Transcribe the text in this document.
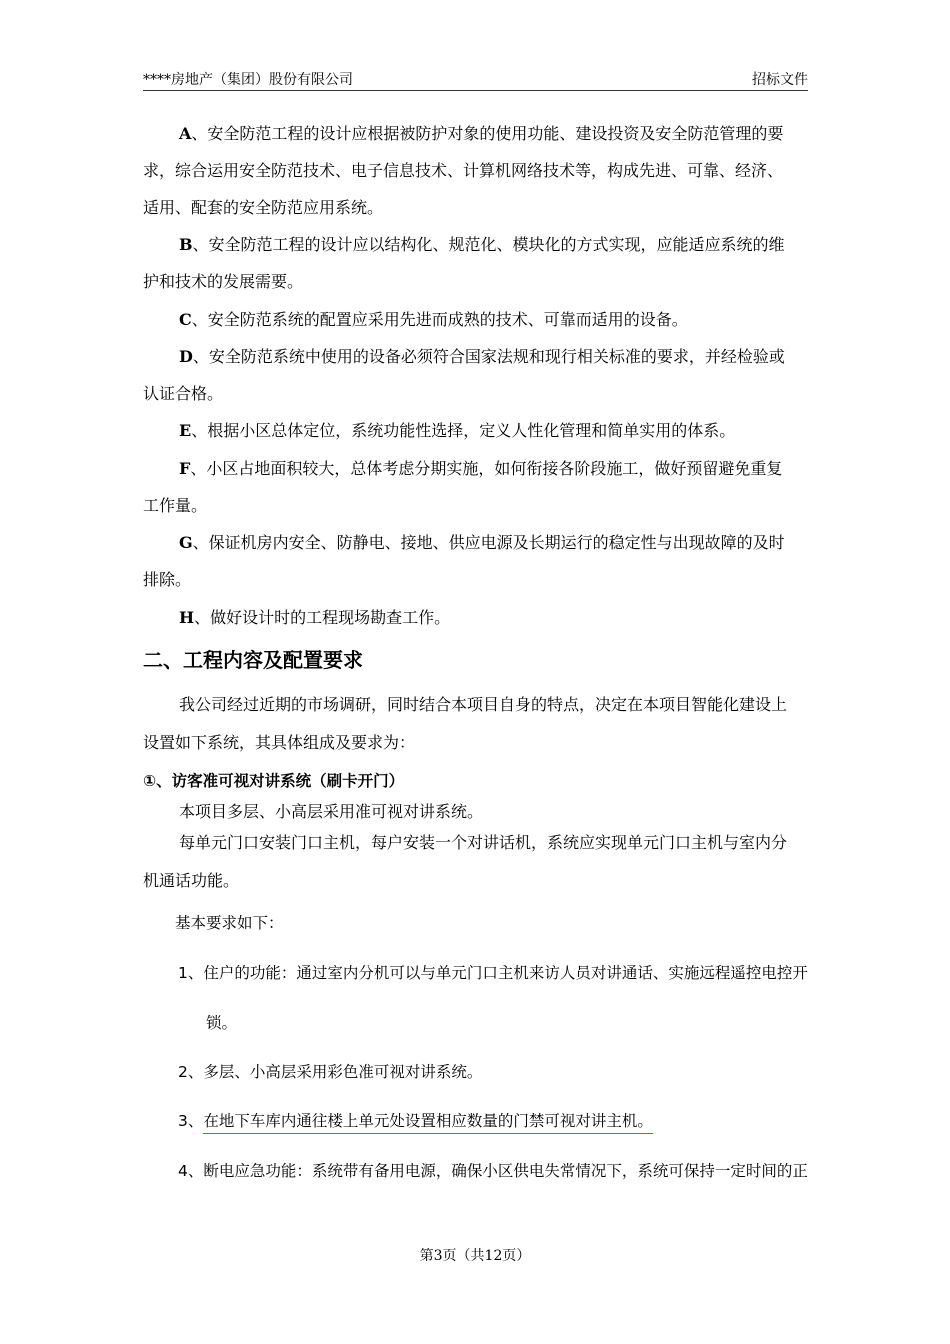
****房地产（集团）股份有限公司	招标文件
A、安全防范工程的设计应根据被防护对象的使用功能、建设投资及安全防范管理的要
求，综合运用安全防范技术、电子信息技术、计算机网络技术等，构成先进、可靠、经济、
适用、配套的安全防范应用系统。
B、安全防范工程的设计应以结构化、规范化、模块化的方式实现，应能适应系统的维
护和技术的发展需要。
C、安全防范系统的配置应采用先进而成熟的技术、可靠而适用的设备。
D、安全防范系统中使用的设备必须符合国家法规和现行相关标准的要求，并经检验或
认证合格。
E、根据小区总体定位，系统功能性选择，定义人性化管理和简单实用的体系。
F、小区占地面积较大，总体考虑分期实施，如何衔接各阶段施工，做好预留避免重复
工作量。
G、保证机房内安全、防静电、接地、供应电源及长期运行的稳定性与出现故障的及时
排除。
H、做好设计时的工程现场勘查工作。
二、工程内容及配置要求
我公司经过近期的市场调研，同时结合本项目自身的特点，决定在本项目智能化建设上
设置如下系统，其具体组成及要求为：
①、访客准可视对讲系统（刷卡开门）
本项目多层、小高层采用准可视对讲系统。
每单元门口安装门口主机，每户安装一个对讲话机，系统应实现单元门口主机与室内分
机通话功能。
基本要求如下：
1、住户的功能：通过室内分机可以与单元门口主机来访人员对讲通话、实施远程遥控电控开
锁。
2、多层、小高层采用彩色准可视对讲系统。
3、在地下车库内通往楼上单元处设置相应数量的门禁可视对讲主机。
4、断电应急功能：系统带有备用电源，确保小区供电失常情况下，系统可保持一定时间的正
第3页（共12页）
